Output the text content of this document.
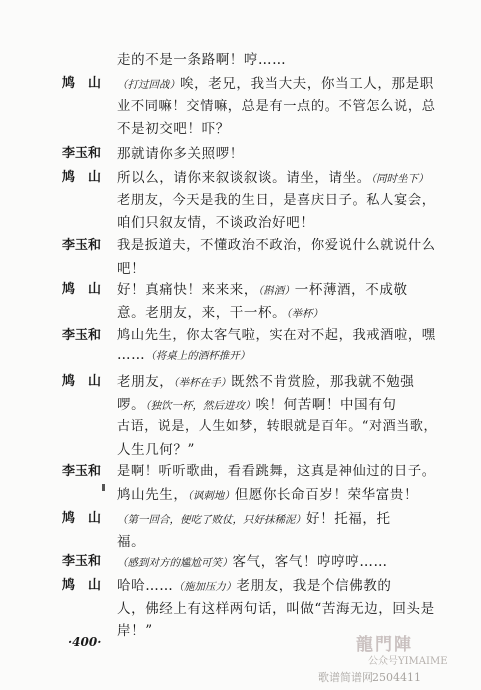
走的不是一条路啊！哼……
鸠　山	（打过回战）唉，老兄，我当大夫，你当工人，那是职
业不同嘛！交情嘛，总是有一点的。不管怎么说，总
不是初交吧！吓？
李玉和	那就请你多关照啰！
鸠　山	所以么，请你来叙谈叙谈。请坐，请坐。（同时坐下）
老朋友，今天是我的生日，是喜庆日子。私人宴会，
咱们只叙友情，不谈政治好吧！
李玉和	我是扳道夫，不懂政治不政治，你爱说什么就说什么
吧！
鸠　山	好！真痛快！来来来，（斟酒）一杯薄酒，不成敬
意。老朋友，来，干一杯。（举杯）
李玉和	鸠山先生，你太客气啦，实在对不起，我戒酒啦，嘿
……（将桌上的酒杯推开）
鸠　山	老朋友，（举杯在手）既然不肯赏脸，那我就不勉强
啰。（独饮一杯，然后进攻）唉！何苦啊！中国有句
古语，说是，人生如梦，转眼就是百年。“对酒当歌，
人生几何？”
李玉和	是啊！听听歌曲，看看跳舞，这真是神仙过的日子。
鸠山先生，（讽刺地）但愿你长命百岁！荣华富贵！
鸠　山	（第一回合，便吃了败仗，只好抹稀泥）好！托福，托
福。
李玉和	（感到对方的尴尬可笑）客气，客气！哼哼哼……
鸠　山	哈哈……（施加压力）老朋友，我是个信佛教的
人，佛经上有这样两句话，叫做“苦海无边，回头是
岸！”
·400·	龍門陣
公众号YIMAIME
歌谱简谱网 2504411
